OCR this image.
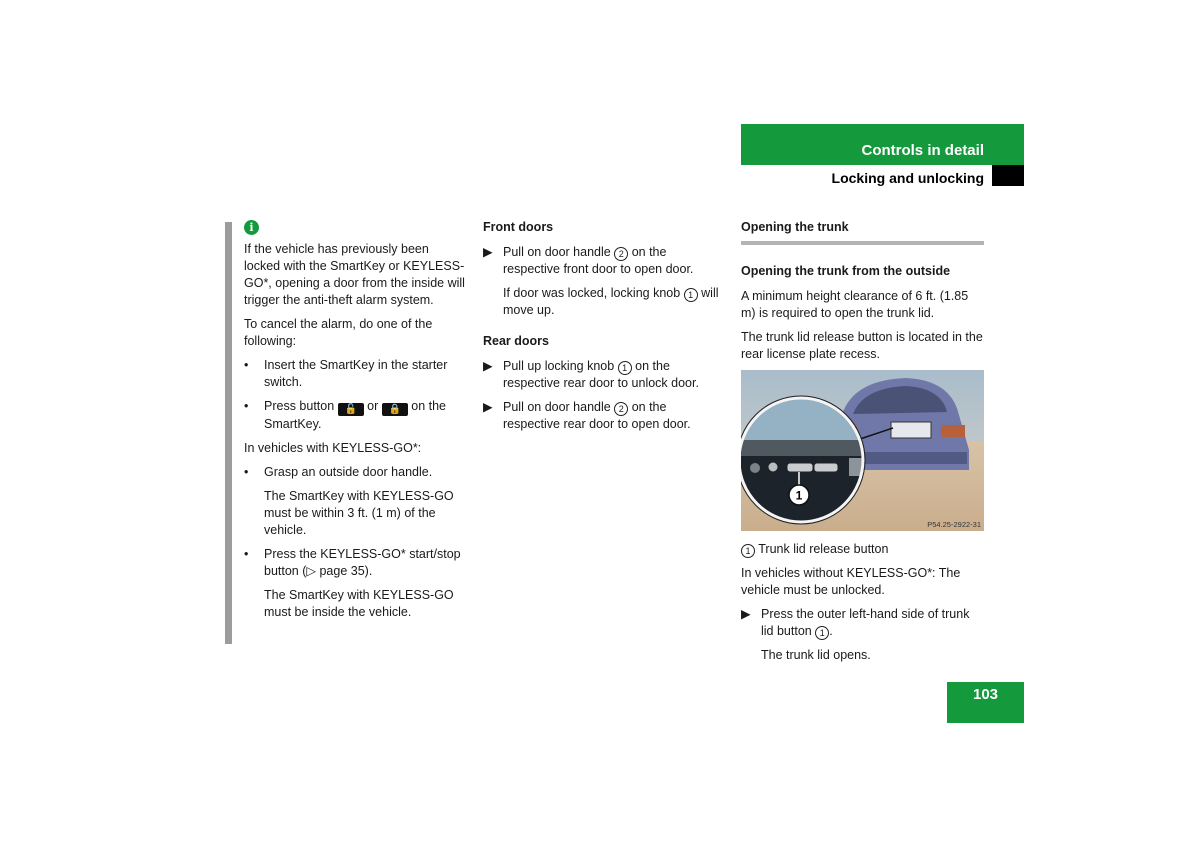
Controls in detail
Locking and unlocking
i

If the vehicle has previously been locked with the SmartKey or KEYLESS-GO*, opening a door from the inside will trigger the anti-theft alarm system.

To cancel the alarm, do one of the following:

• Insert the SmartKey in the starter switch.
• Press button 🔓 or 🔒 on the SmartKey.

In vehicles with KEYLESS-GO*:

• Grasp an outside door handle.

The SmartKey with KEYLESS-GO must be within 3 ft. (1 m) of the vehicle.

• Press the KEYLESS-GO* start/stop button (▷ page 35).

The SmartKey with KEYLESS-GO must be inside the vehicle.

Front doors
▶ Pull on door handle 2 on the respective front door to open door.

If door was locked, locking knob 1 will move up.

Rear doors
▶ Pull up locking knob 1 on the respective rear door to unlock door.
▶ Pull on door handle 2 on the respective rear door to open door.
Opening the trunk
Opening the trunk from the outside

A minimum height clearance of 6 ft. (1.85 m) is required to open the trunk lid.

The trunk lid release button is located in the rear license plate recess.

1
P54.25-2922-31

1 Trunk lid release button

In vehicles without KEYLESS-GO*: The vehicle must be unlocked.

▶ Press the outer left-hand side of trunk lid button 1 .

The trunk lid opens.

103
